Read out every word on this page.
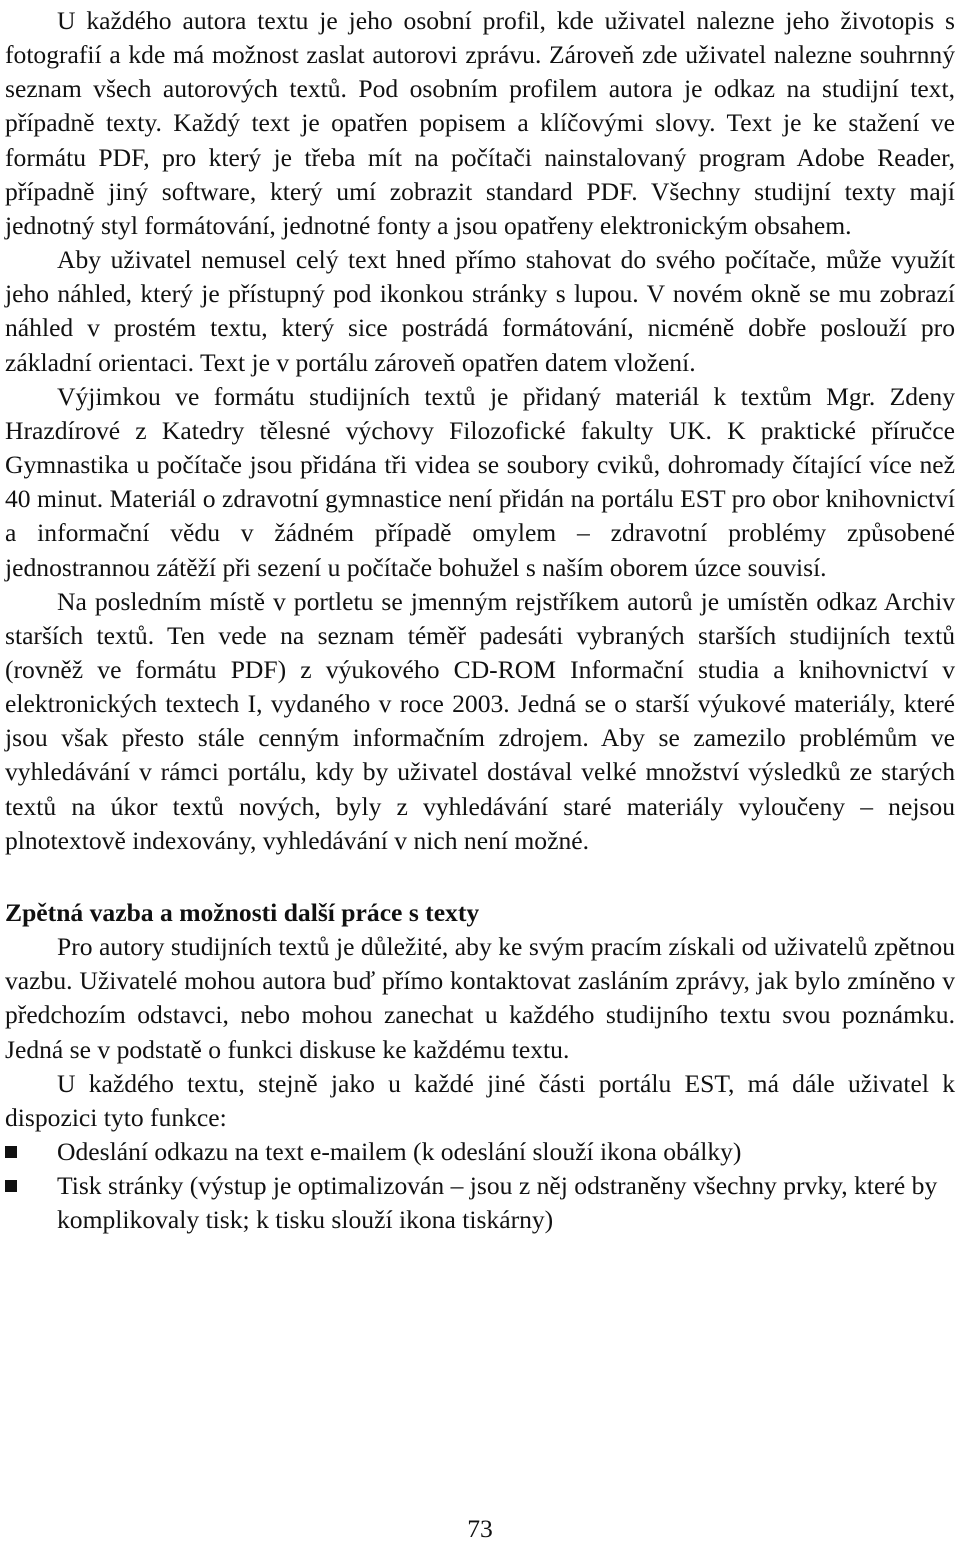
U každého autora textu je jeho osobní profil, kde uživatel nalezne jeho životopis s fotografií a kde má možnost zaslat autorovi zprávu. Zároveň zde uživatel nalezne souhrnný seznam všech autorových textů. Pod osobním profilem autora je odkaz na studijní text, případně texty. Každý text je opatřen popisem a klíčovými slovy. Text je ke stažení ve formátu PDF, pro který je třeba mít na počítači nainstalovaný program Adobe Reader, případně jiný software, který umí zobrazit standard PDF. Všechny studijní texty mají jednotný styl formátování, jednotné fonty a jsou opatřeny elektronickým obsahem.

Aby uživatel nemusel celý text hned přímo stahovat do svého počítače, může využít jeho náhled, který je přístupný pod ikonkou stránky s lupou. V novém okně se mu zobrazí náhled v prostém textu, který sice postrádá formátování, nicméně dobře poslouží pro základní orientaci. Text je v portálu zároveň opatřen datem vložení.

Výjimkou ve formátu studijních textů je přidaný materiál k textům Mgr. Zdeny Hrazdírové z Katedry tělesné výchovy Filozofické fakulty UK. K praktické příručce Gymnastika u počítače jsou přidána tři videa se soubory cviků, dohromady čítající více než 40 minut. Materiál o zdravotní gymnastice není přidán na portálu EST pro obor knihovnictví a informační vědu v žádném případě omylem – zdravotní problémy způsobené jednostrannou zátěží při sezení u počítače bohužel s naším oborem úzce souvisí.

Na posledním místě v portletu se jmenným rejstříkem autorů je umístěn odkaz Archiv starších textů. Ten vede na seznam téměř padesáti vybraných starších studijních textů (rovněž ve formátu PDF) z výukového CD-ROM Informační studia a knihovnictví v elektronických textech I, vydaného v roce 2003. Jedná se o starší výukové materiály, které jsou však přesto stále cenným informačním zdrojem. Aby se zamezilo problémům ve vyhledávání v rámci portálu, kdy by uživatel dostával velké množství výsledků ze starých textů na úkor textů nových, byly z vyhledávání staré materiály vyloučeny – nejsou plnotextově indexovány, vyhledávání v nich není možné.

Zpětná vazba a možnosti další práce s texty

Pro autory studijních textů je důležité, aby ke svým pracím získali od uživatelů zpětnou vazbu. Uživatelé mohou autora buď přímo kontaktovat zasláním zprávy, jak bylo zmíněno v předchozím odstavci, nebo mohou zanechat u každého studijního textu svou poznámku. Jedná se v podstatě o funkci diskuse ke každému textu.

U každého textu, stejně jako u každé jiné části portálu EST, má dále uživatel k dispozici tyto funkce:

Odeslání odkazu na text e-mailem (k odeslání slouží ikona obálky)
Tisk stránky (výstup je optimalizován – jsou z něj odstraněny všechny prvky, které by komplikovaly tisk; k tisku slouží ikona tiskárny)
73
